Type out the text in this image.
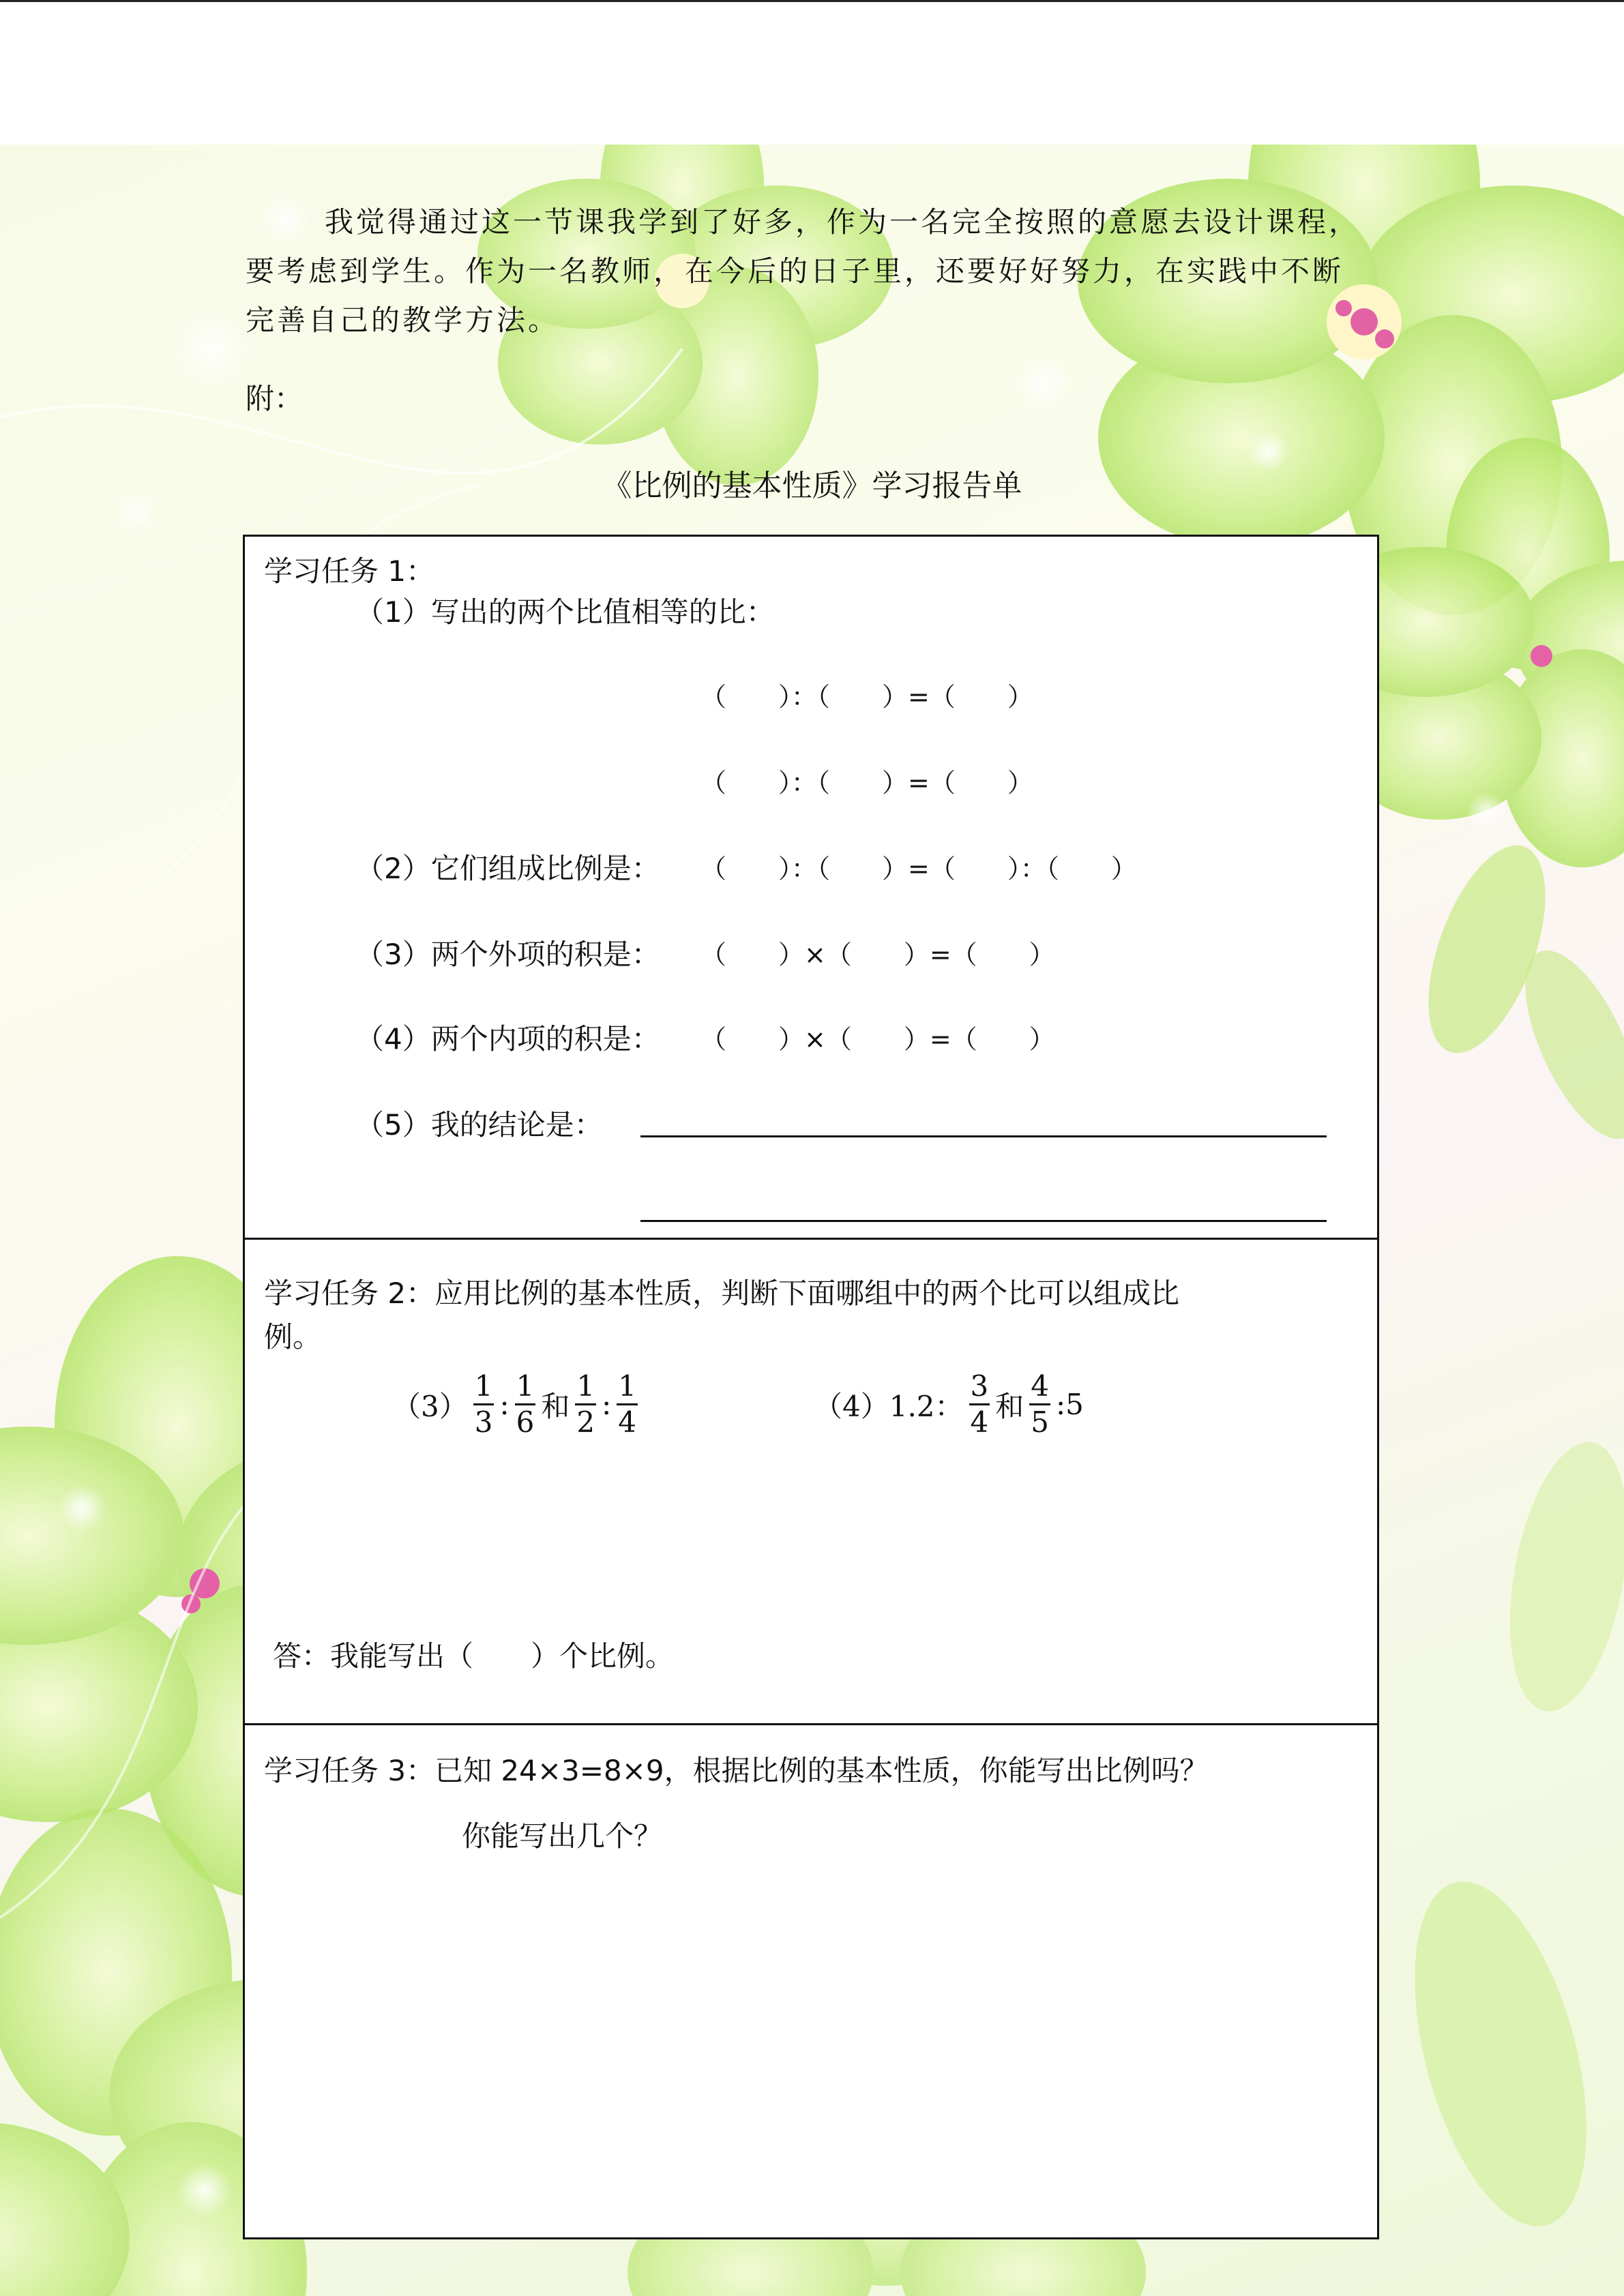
我觉得通过这一节课我学到了好多，作为一名完全按照的意愿去设计课程，要考虑到学生。作为一名教师，在今后的日子里，还要好好努力，在实践中不断完善自己的教学方法。
附：
《比例的基本性质》学习报告单
学习任务 1：
（1）写出的两个比值相等的比：
（　　）：（　　）=（　　）
（　　）：（　　）=（　　）
（2）它们组成比例是： （　　）：（　　）=（　　）：（　　）
（3）两个外项的积是： （　　）×（　　）=（　　）
（4）两个内项的积是： （　　）×（　　）=（　　）
（5）我的结论是：
学习任务 2：应用比例的基本性质，判断下面哪组中的两个比可以组成比
例。
$(3) \frac{1}{3}$ : $\frac{1}{6}$ 和 $\frac{1}{2}$ : $\frac{1}{4}$	（4）1.2： $\frac{3}{4}$ 和 $\frac{4}{5}$ :5
学习任务 3：已知 24×3=8×9，根据比例的基本性质，你能写出比例吗？
你能写出几个？
答：我能写出（　　）个比例。
